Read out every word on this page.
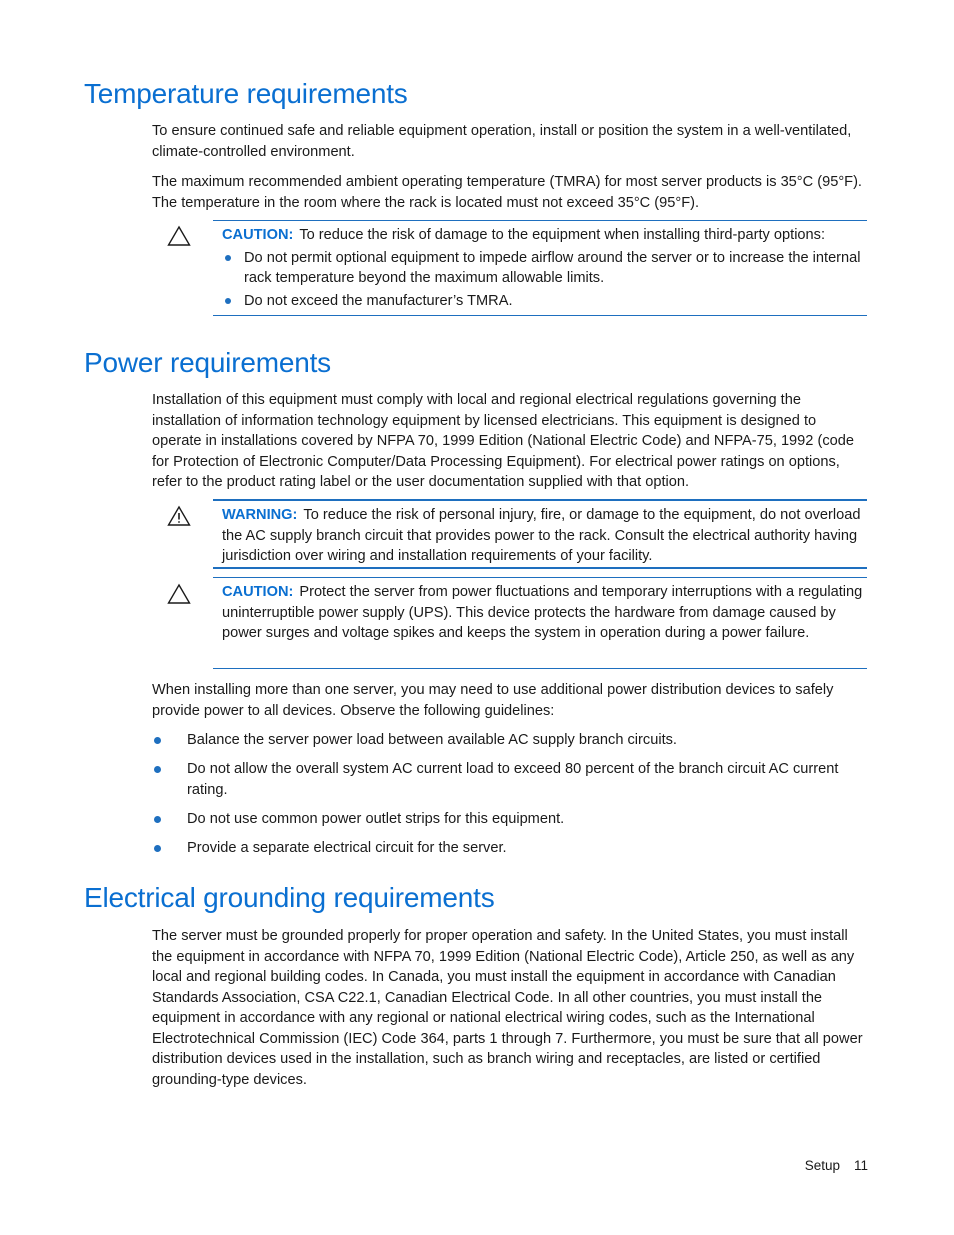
Temperature requirements

To ensure continued safe and reliable equipment operation, install or position the system in a well-ventilated, climate-controlled environment.

The maximum recommended ambient operating temperature (TMRA) for most server products is 35°C (95°F). The temperature in the room where the rack is located must not exceed 35°C (95°F).

CAUTION: To reduce the risk of damage to the equipment when installing third-party options:

Do not permit optional equipment to impede airflow around the server or to increase the internal rack temperature beyond the maximum allowable limits.
Do not exceed the manufacturer’s TMRA.
Power requirements

Installation of this equipment must comply with local and regional electrical regulations governing the installation of information technology equipment by licensed electricians. This equipment is designed to operate in installations covered by NFPA 70, 1999 Edition (National Electric Code) and NFPA-75, 1992 (code for Protection of Electronic Computer/Data Processing Equipment). For electrical power ratings on options, refer to the product rating label or the user documentation supplied with that option.

WARNING: To reduce the risk of personal injury, fire, or damage to the equipment, do not overload the AC supply branch circuit that provides power to the rack. Consult the electrical authority having jurisdiction over wiring and installation requirements of your facility.

CAUTION: Protect the server from power fluctuations and temporary interruptions with a regulating uninterruptible power supply (UPS). This device protects the hardware from damage caused by power surges and voltage spikes and keeps the system in operation during a power failure.

When installing more than one server, you may need to use additional power distribution devices to safely provide power to all devices. Observe the following guidelines:

Balance the server power load between available AC supply branch circuits.
Do not allow the overall system AC current load to exceed 80 percent of the branch circuit AC current rating.
Do not use common power outlet strips for this equipment.
Provide a separate electrical circuit for the server.
Electrical grounding requirements

The server must be grounded properly for proper operation and safety. In the United States, you must install the equipment in accordance with NFPA 70, 1999 Edition (National Electric Code), Article 250, as well as any local and regional building codes. In Canada, you must install the equipment in accordance with Canadian Standards Association, CSA C22.1, Canadian Electrical Code. In all other countries, you must install the equipment in accordance with any regional or national electrical wiring codes, such as the International Electrotechnical Commission (IEC) Code 364, parts 1 through 7. Furthermore, you must be sure that all power distribution devices used in the installation, such as branch wiring and receptacles, are listed or certified grounding-type devices.

Setup 11
